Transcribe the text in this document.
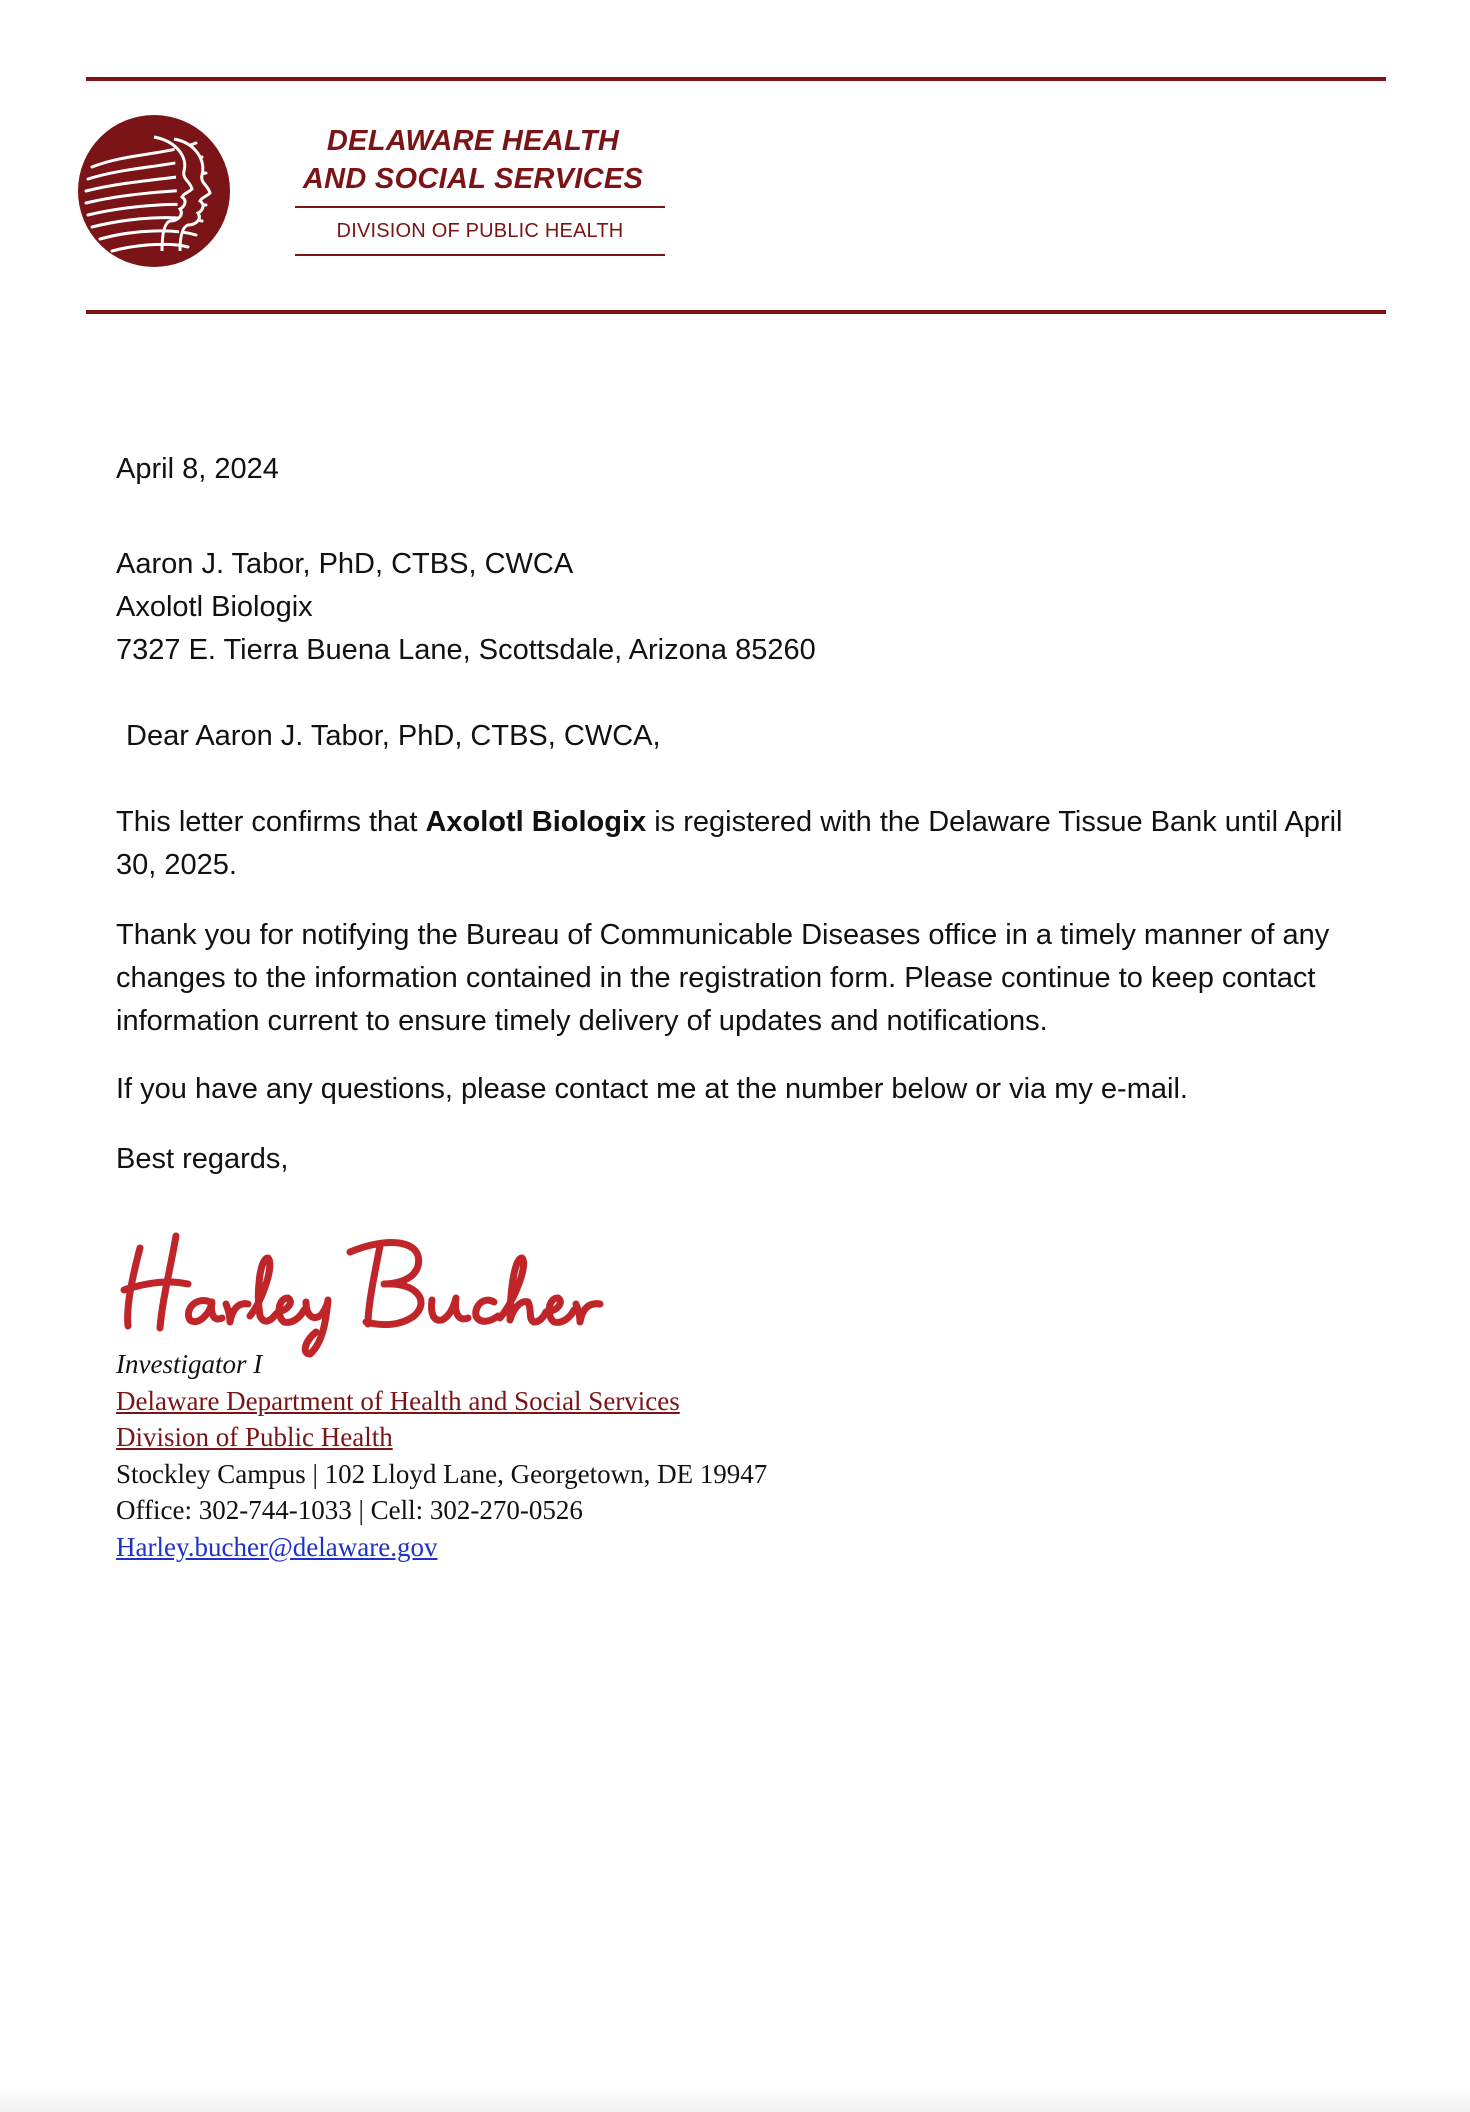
DELAWARE HEALTH
AND SOCIAL SERVICES
DIVISION OF PUBLIC HEALTH
April 8, 2024
Aaron J. Tabor, PhD, CTBS, CWCA
Axolotl Biologix
7327 E. Tierra Buena Lane, Scottsdale, Arizona 85260
Dear Aaron J. Tabor, PhD, CTBS, CWCA,
This letter confirms that Axolotl Biologix is registered with the Delaware Tissue Bank until April 30, 2025.
Thank you for notifying the Bureau of Communicable Diseases office in a timely manner of any changes to the information contained in the registration form. Please continue to keep contact information current to ensure timely delivery of updates and notifications.
If you have any questions, please contact me at the number below or via my e-mail.
Best regards,
Investigator I
Delaware Department of Health and Social Services
Division of Public Health
Stockley Campus | 102 Lloyd Lane, Georgetown, DE 19947
Office: 302-744-1033 | Cell: 302-270-0526
Harley.bucher@delaware.gov
